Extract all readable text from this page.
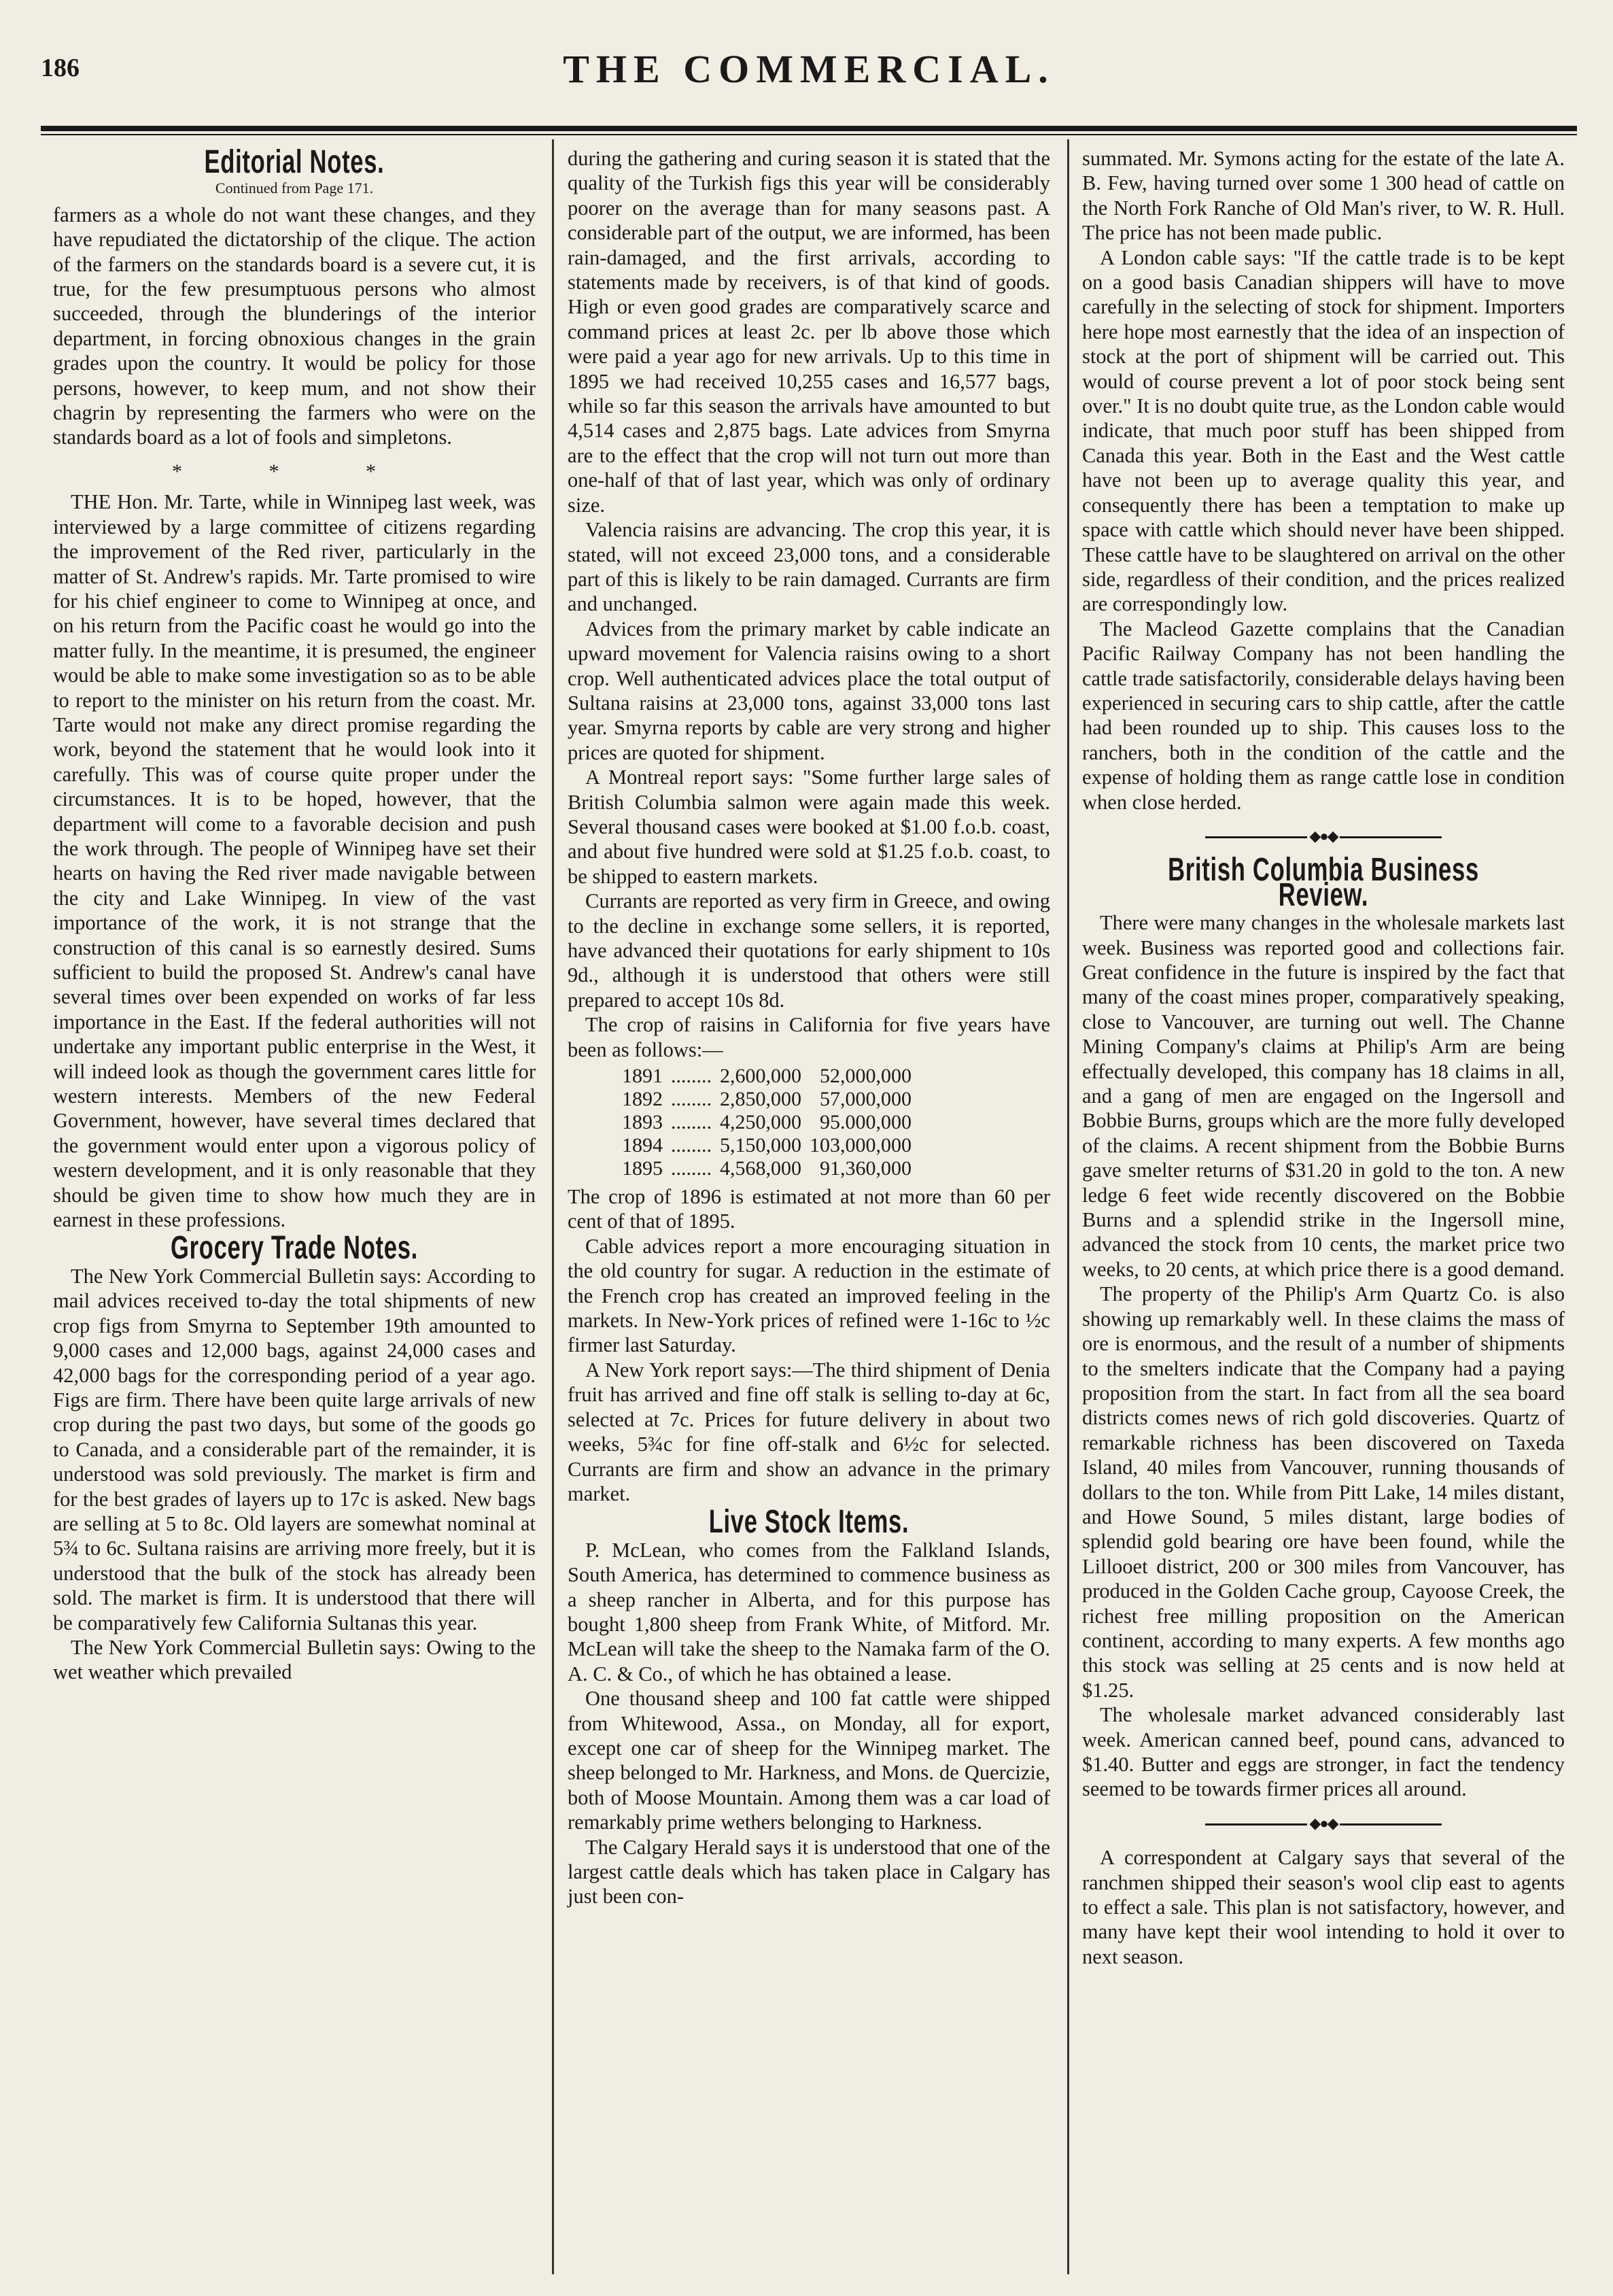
186	THE COMMERCIAL.
Editorial Notes.
Continued from Page 171.

farmers as a whole do not want these changes, and they have repudiated the dictatorship of the clique. The action of the farmers on the standards board is a severe cut, it is true, for the few presumptuous persons who almost succeeded, through the blunderings of the interior department, in forcing obnoxious changes in the grain grades upon the country. It would be policy for those persons, however, to keep mum, and not show their chagrin by representing the farmers who were on the standards board as a lot of fools and simpletons.

* * *

THE Hon. Mr. Tarte, while in Winnipeg last week, was interviewed by a large committee of citizens regarding the improvement of the Red river, particularly in the matter of St. Andrew's rapids. Mr. Tarte promised to wire for his chief engineer to come to Winnipeg at once, and on his return from the Pacific coast he would go into the matter fully. In the meantime, it is presumed, the engineer would be able to make some investigation so as to be able to report to the minister on his return from the coast. Mr. Tarte would not make any direct promise regarding the work, beyond the statement that he would look into it carefully. This was of course quite proper under the circumstances. It is to be hoped, however, that the department will come to a favorable decision and push the work through. The people of Winnipeg have set their hearts on having the Red river made navigable between the city and Lake Winnipeg. In view of the vast importance of the work, it is not strange that the construction of this canal is so earnestly desired. Sums sufficient to build the proposed St. Andrew's canal have several times over been expended on works of far less importance in the East. If the federal authorities will not undertake any important public enterprise in the West, it will indeed look as though the government cares little for western interests. Members of the new Federal Government, however, have several times declared that the government would enter upon a vigorous policy of western development, and it is only reasonable that they should be given time to show how much they are in earnest in these professions.

Grocery Trade Notes.

The New York Commercial Bulletin says: According to mail advices received to-day the total shipments of new crop figs from Smyrna to September 19th amounted to 9,000 cases and 12,000 bags, against 24,000 cases and 42,000 bags for the corresponding period of a year ago. Figs are firm. There have been quite large arrivals of new crop during the past two days, but some of the goods go to Canada, and a considerable part of the remainder, it is understood was sold previously. The market is firm and for the best grades of layers up to 17c is asked. New bags are selling at 5 to 8c. Old layers are somewhat nominal at 5¾ to 6c. Sultana raisins are arriving more freely, but it is understood that the bulk of the stock has already been sold. The market is firm. It is understood that there will be comparatively few California Sultanas this year.

The New York Commercial Bulletin says: Owing to the wet weather which prevailed

during the gathering and curing season it is stated that the quality of the Turkish figs this year will be considerably poorer on the average than for many seasons past. A considerable part of the output, we are informed, has been rain-damaged, and the first arrivals, according to statements made by receivers, is of that kind of goods. High or even good grades are comparatively scarce and command prices at least 2c. per lb above those which were paid a year ago for new arrivals. Up to this time in 1895 we had received 10,255 cases and 16,577 bags, while so far this season the arrivals have amounted to but 4,514 cases and 2,875 bags. Late advices from Smyrna are to the effect that the crop will not turn out more than one-half of that of last year, which was only of ordinary size.

Valencia raisins are advancing. The crop this year, it is stated, will not exceed 23,000 tons, and a considerable part of this is likely to be rain damaged. Currants are firm and unchanged.

Advices from the primary market by cable indicate an upward movement for Valencia raisins owing to a short crop. Well authenticated advices place the total output of Sultana raisins at 23,000 tons, against 33,000 tons last year. Smyrna reports by cable are very strong and higher prices are quoted for shipment.

A Montreal report says: "Some further large sales of British Columbia salmon were again made this week. Several thousand cases were booked at $1.00 f.o.b. coast, and about five hundred were sold at $1.25 f.o.b. coast, to be shipped to eastern markets.

Currants are reported as very firm in Greece, and owing to the decline in exchange some sellers, it is reported, have advanced their quotations for early shipment to 10s 9d., although it is understood that others were still prepared to accept 10s 8d.

The crop of raisins in California for five years have been as follows:—

1891	........	2,600,000	52,000,000
1892	........	2,850,000	57,000,000
1893	........	4,250,000	95.000,000
1894	........	5,150,000	103,000,000
1895	........	4,568,000	91,360,000

The crop of 1896 is estimated at not more than 60 per cent of that of 1895.

Cable advices report a more encouraging situation in the old country for sugar. A reduction in the estimate of the French crop has created an improved feeling in the markets. In New-York prices of refined were 1-16c to ½c firmer last Saturday.

A New York report says:—The third shipment of Denia fruit has arrived and fine off stalk is selling to-day at 6c, selected at 7c. Prices for future delivery in about two weeks, 5¾c for fine off-stalk and 6½c for selected. Currants are firm and show an advance in the primary market.

Live Stock Items.

P. McLean, who comes from the Falkland Islands, South America, has determined to commence business as a sheep rancher in Alberta, and for this purpose has bought 1,800 sheep from Frank White, of Mitford. Mr. McLean will take the sheep to the Namaka farm of the O. A. C. & Co., of which he has obtained a lease.

One thousand sheep and 100 fat cattle were shipped from Whitewood, Assa., on Monday, all for export, except one car of sheep for the Winnipeg market. The sheep belonged to Mr. Harkness, and Mons. de Quercizie, both of Moose Mountain. Among them was a car load of remarkably prime wethers belonging to Harkness.

The Calgary Herald says it is understood that one of the largest cattle deals which has taken place in Calgary has just been con-

summated. Mr. Symons acting for the estate of the late A. B. Few, having turned over some 1 300 head of cattle on the North Fork Ranche of Old Man's river, to W. R. Hull. The price has not been made public.

A London cable says: "If the cattle trade is to be kept on a good basis Canadian shippers will have to move carefully in the selecting of stock for shipment. Importers here hope most earnestly that the idea of an inspection of stock at the port of shipment will be carried out. This would of course prevent a lot of poor stock being sent over." It is no doubt quite true, as the London cable would indicate, that much poor stuff has been shipped from Canada this year. Both in the East and the West cattle have not been up to average quality this year, and consequently there has been a temptation to make up space with cattle which should never have been shipped. These cattle have to be slaughtered on arrival on the other side, regardless of their condition, and the prices realized are correspondingly low.

The Macleod Gazette complains that the Canadian Pacific Railway Company has not been handling the cattle trade satisfactorily, considerable delays having been experienced in securing cars to ship cattle, after the cattle had been rounded up to ship. This causes loss to the ranchers, both in the condition of the cattle and the expense of holding them as range cattle lose in condition when close herded.

◆●◆
British Columbia Business Review.

There were many changes in the wholesale markets last week. Business was reported good and collections fair. Great confidence in the future is inspired by the fact that many of the coast mines proper, comparatively speaking, close to Vancouver, are turning out well. The Channe Mining Company's claims at Philip's Arm are being effectually developed, this company has 18 claims in all, and a gang of men are engaged on the Ingersoll and Bobbie Burns, groups which are the more fully developed of the claims. A recent shipment from the Bobbie Burns gave smelter returns of $31.20 in gold to the ton. A new ledge 6 feet wide recently discovered on the Bobbie Burns and a splendid strike in the Ingersoll mine, advanced the stock from 10 cents, the market price two weeks, to 20 cents, at which price there is a good demand.

The property of the Philip's Arm Quartz Co. is also showing up remarkably well. In these claims the mass of ore is enormous, and the result of a number of shipments to the smelters indicate that the Company had a paying proposition from the start. In fact from all the sea board districts comes news of rich gold discoveries. Quartz of remarkable richness has been discovered on Taxeda Island, 40 miles from Vancouver, running thousands of dollars to the ton. While from Pitt Lake, 14 miles distant, and Howe Sound, 5 miles distant, large bodies of splendid gold bearing ore have been found, while the Lillooet district, 200 or 300 miles from Vancouver, has produced in the Golden Cache group, Cayoose Creek, the richest free milling proposition on the American continent, according to many experts. A few months ago this stock was selling at 25 cents and is now held at $1.25.

The wholesale market advanced considerably last week. American canned beef, pound cans, advanced to $1.40. Butter and eggs are stronger, in fact the tendency seemed to be towards firmer prices all around.

◆●◆

A correspondent at Calgary says that several of the ranchmen shipped their season's wool clip east to agents to effect a sale. This plan is not satisfactory, however, and many have kept their wool intending to hold it over to next season.
